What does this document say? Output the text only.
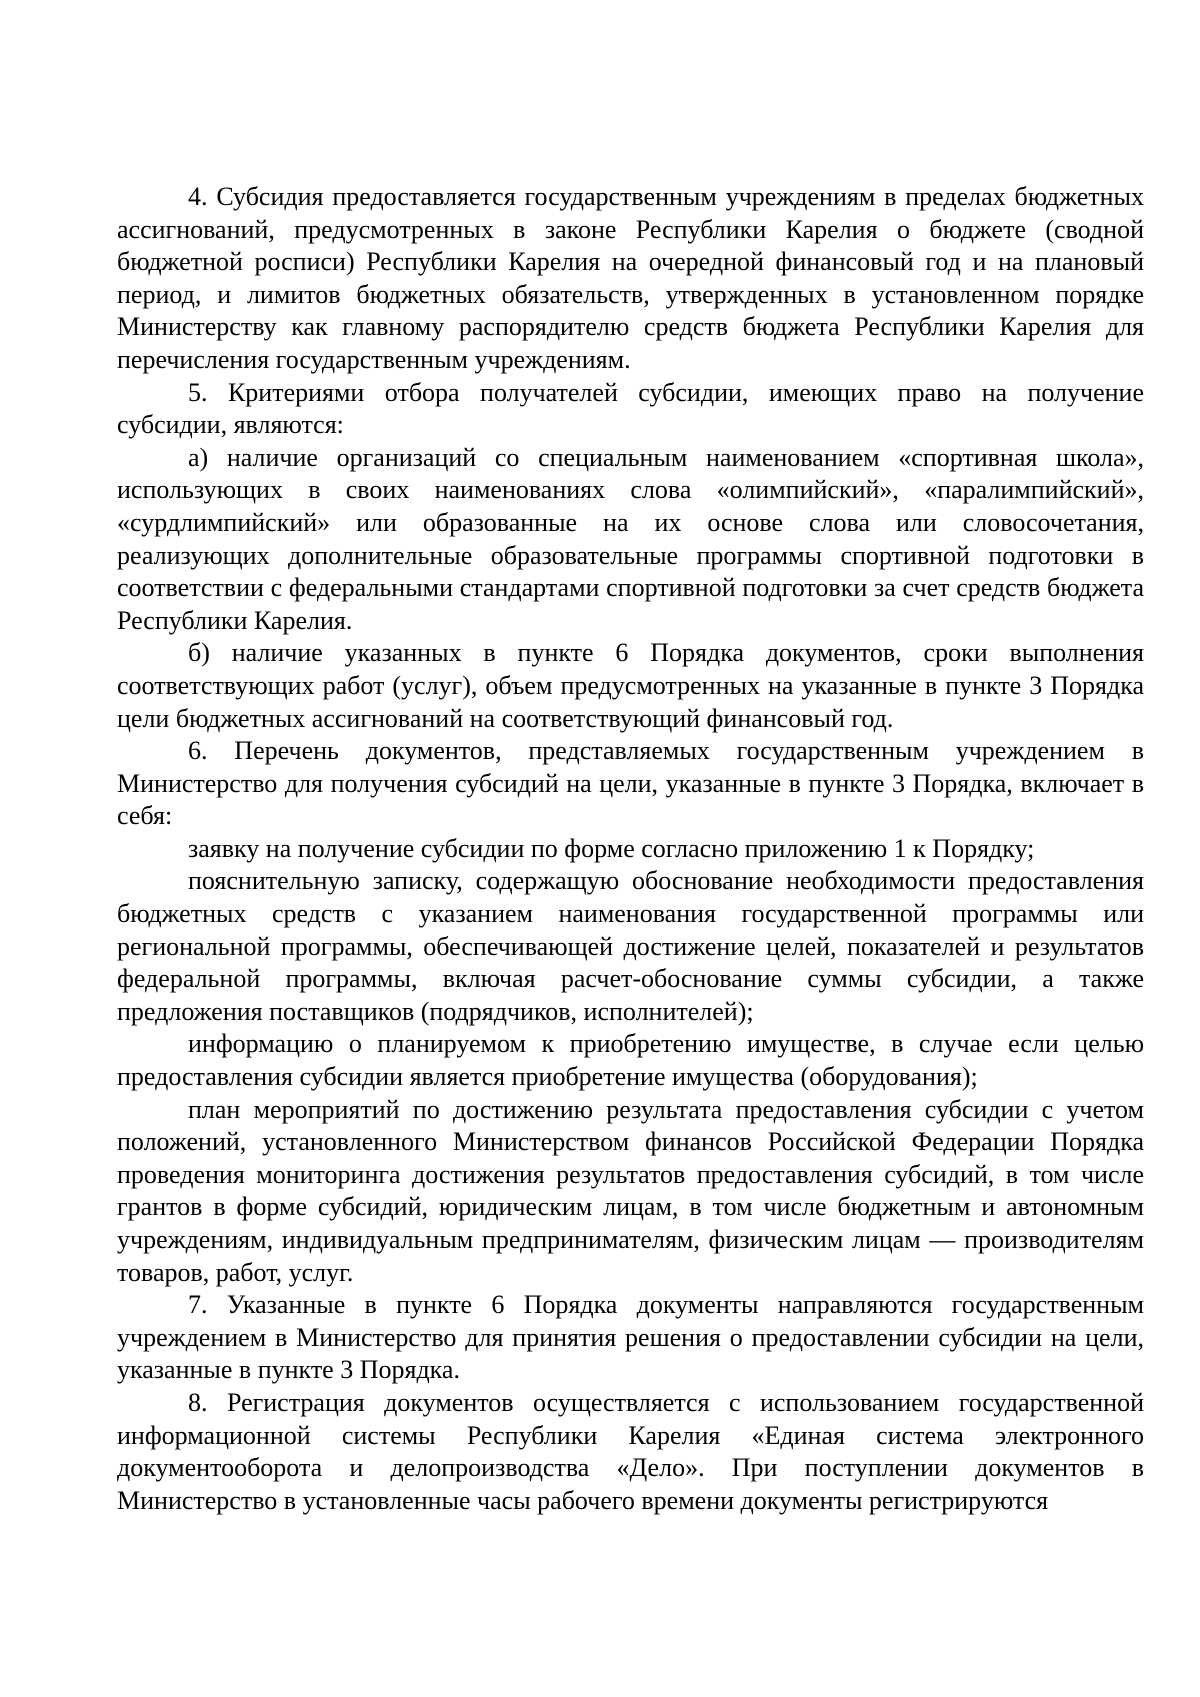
4. Субсидия предоставляется государственным учреждениям в пределах бюджетных ассигнований, предусмотренных в законе Республики Карелия о бюджете (сводной бюджетной росписи) Республики Карелия на очередной финансовый год и на плановый период, и лимитов бюджетных обязательств, утвержденных в установленном порядке Министерству как главному распорядителю средств бюджета Республики Карелия для перечисления государственным учреждениям.

5. Критериями отбора получателей субсидии, имеющих право на получение субсидии, являются:

а) наличие организаций со специальным наименованием «спортивная школа», использующих в своих наименованиях слова «олимпийский», «паралимпийский», «сурдлимпийский» или образованные на их основе слова или словосочетания, реализующих дополнительные образовательные программы спортивной подготовки в соответствии с федеральными стандартами спортивной подготовки за счет средств бюджета Республики Карелия.

б) наличие указанных в пункте 6 Порядка документов, сроки выполнения соответствующих работ (услуг), объем предусмотренных на указанные в пункте 3 Порядка цели бюджетных ассигнований на соответствующий финансовый год.

6. Перечень документов, представляемых государственным учреждением в Министерство для получения субсидий на цели, указанные в пункте 3 Порядка, включает в себя:

заявку на получение субсидии по форме согласно приложению 1 к Порядку;

пояснительную записку, содержащую обоснование необходимости предоставления бюджетных средств с указанием наименования государственной программы или региональной программы, обеспечивающей достижение целей, показателей и результатов федеральной программы, включая расчет-обоснование суммы субсидии, а также предложения поставщиков (подрядчиков, исполнителей);

информацию о планируемом к приобретению имуществе, в случае если целью предоставления субсидии является приобретение имущества (оборудования);

план мероприятий по достижению результата предоставления субсидии с учетом положений, установленного Министерством финансов Российской Федерации Порядка проведения мониторинга достижения результатов предоставления субсидий, в том числе грантов в форме субсидий, юридическим лицам, в том числе бюджетным и автономным учреждениям, индивидуальным предпринимателям, физическим лицам — производителям товаров, работ, услуг.

7. Указанные в пункте 6 Порядка документы направляются государственным учреждением в Министерство для принятия решения о предоставлении субсидии на цели, указанные в пункте 3 Порядка.

8. Регистрация документов осуществляется с использованием государственной информационной системы Республики Карелия «Единая система электронного документооборота и делопроизводства «Дело». При поступлении документов в Министерство в установленные часы рабочего времени документы регистрируются
